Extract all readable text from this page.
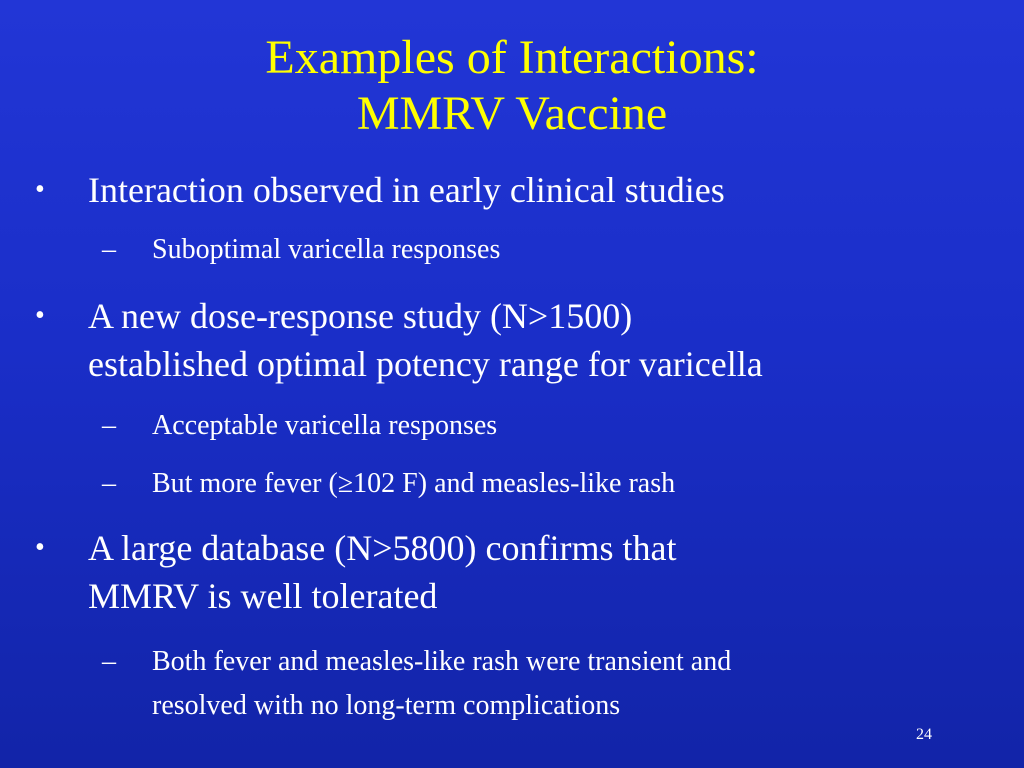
Examples of Interactions:
MMRV Vaccine
• Interaction observed in early clinical studies
– Suboptimal varicella responses
• A new dose-response study (N>1500)
established optimal potency range for varicella
– Acceptable varicella responses
– But more fever (≥102 F) and measles-like rash
• A large database (N>5800) confirms that
MMRV is well tolerated
– Both fever and measles-like rash were transient and
resolved with no long-term complications
24
